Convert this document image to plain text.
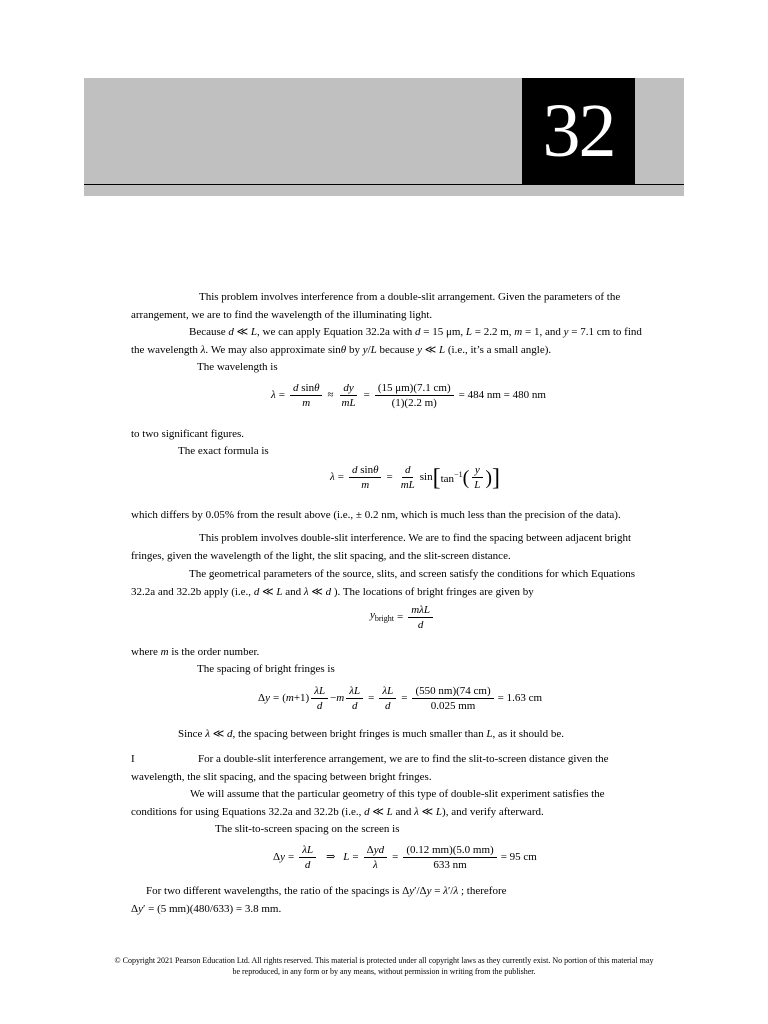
32

This problem involves interference from a double-slit arrangement. Given the parameters of the arrangement, we are to find the wavelength of the illuminating light.

Because d ≪ L, we can apply Equation 32.2a with d = 15 μm, L = 2.2 m, m = 1, and y = 7.1 cm to find the wavelength λ. We may also approximate sinθ by y/L because y ≪ L (i.e., it’s a small angle).

The wavelength is

$\lambda = \frac{\text{d sinθ}}{m} \approx \frac{dy}{mL} = \frac{(15 \mu m)(7.1 cm)}{(1)(2.2 m)} = 484$ nm = 480 nm

to two significant figures.

The exact formula is

$\lambda = \frac{\text{d sinθ}}{m} = \frac{d}{mL}$ sin [ $\tan^{-1}$ ( $\frac{y}{L}$ ) ]

which differs by 0.05% from the result above (i.e., ± 0.2 nm, which is much less than the precision of the data).

This problem involves double-slit interference. We are to find the spacing between adjacent bright fringes, given the wavelength of the light, the slit spacing, and the slit-screen distance.

The geometrical parameters of the source, slits, and screen satisfy the conditions for which Equations 32.2a and 32.2b apply (i.e., d ≪ L and λ ≪ d ). The locations of bright fringes are given by

$y_{bright} = \frac{\text{mλL}}{d}$

where m is the order number.

The spacing of bright fringes is

$\Delta y = (m+1) \frac{\lambda L}{d} -m \frac{\lambda L}{d} = \frac{\lambda L}{d} = \frac{(550 nm)(74 cm)}{0.025 mm} = 1.63$ cm

Since λ ≪ d, the spacing between bright fringes is much smaller than L, as it should be.

I	For a double-slit interference arrangement, we are to find the slit-to-screen distance given the wavelength, the slit spacing, and the spacing between bright fringes.

We will assume that the particular geometry of this type of double-slit experiment satisfies the conditions for using Equations 32.2a and 32.2b (i.e., d ≪ L and λ ≪ L), and verify afterward.

The slit-to-screen spacing on the screen is

$\Delta y = \frac{\lambda L}{d}$ ⇒ $L = \frac{\text{Δyd}}{\lambda} = \frac{(0.12 mm)(5.0 mm)}{633 nm} = 95$ cm

For two different wavelengths, the ratio of the spacings is Δy′/Δy = λ′/λ ; therefore

Δy′ = (5 mm)(480/633) = 3.8 mm.

© Copyright 2021 Pearson Education Ltd. All rights reserved. This material is protected under all copyright laws as they currently exist. No portion of this material may
be reproduced, in any form or by any means, without permission in writing from the publisher.
